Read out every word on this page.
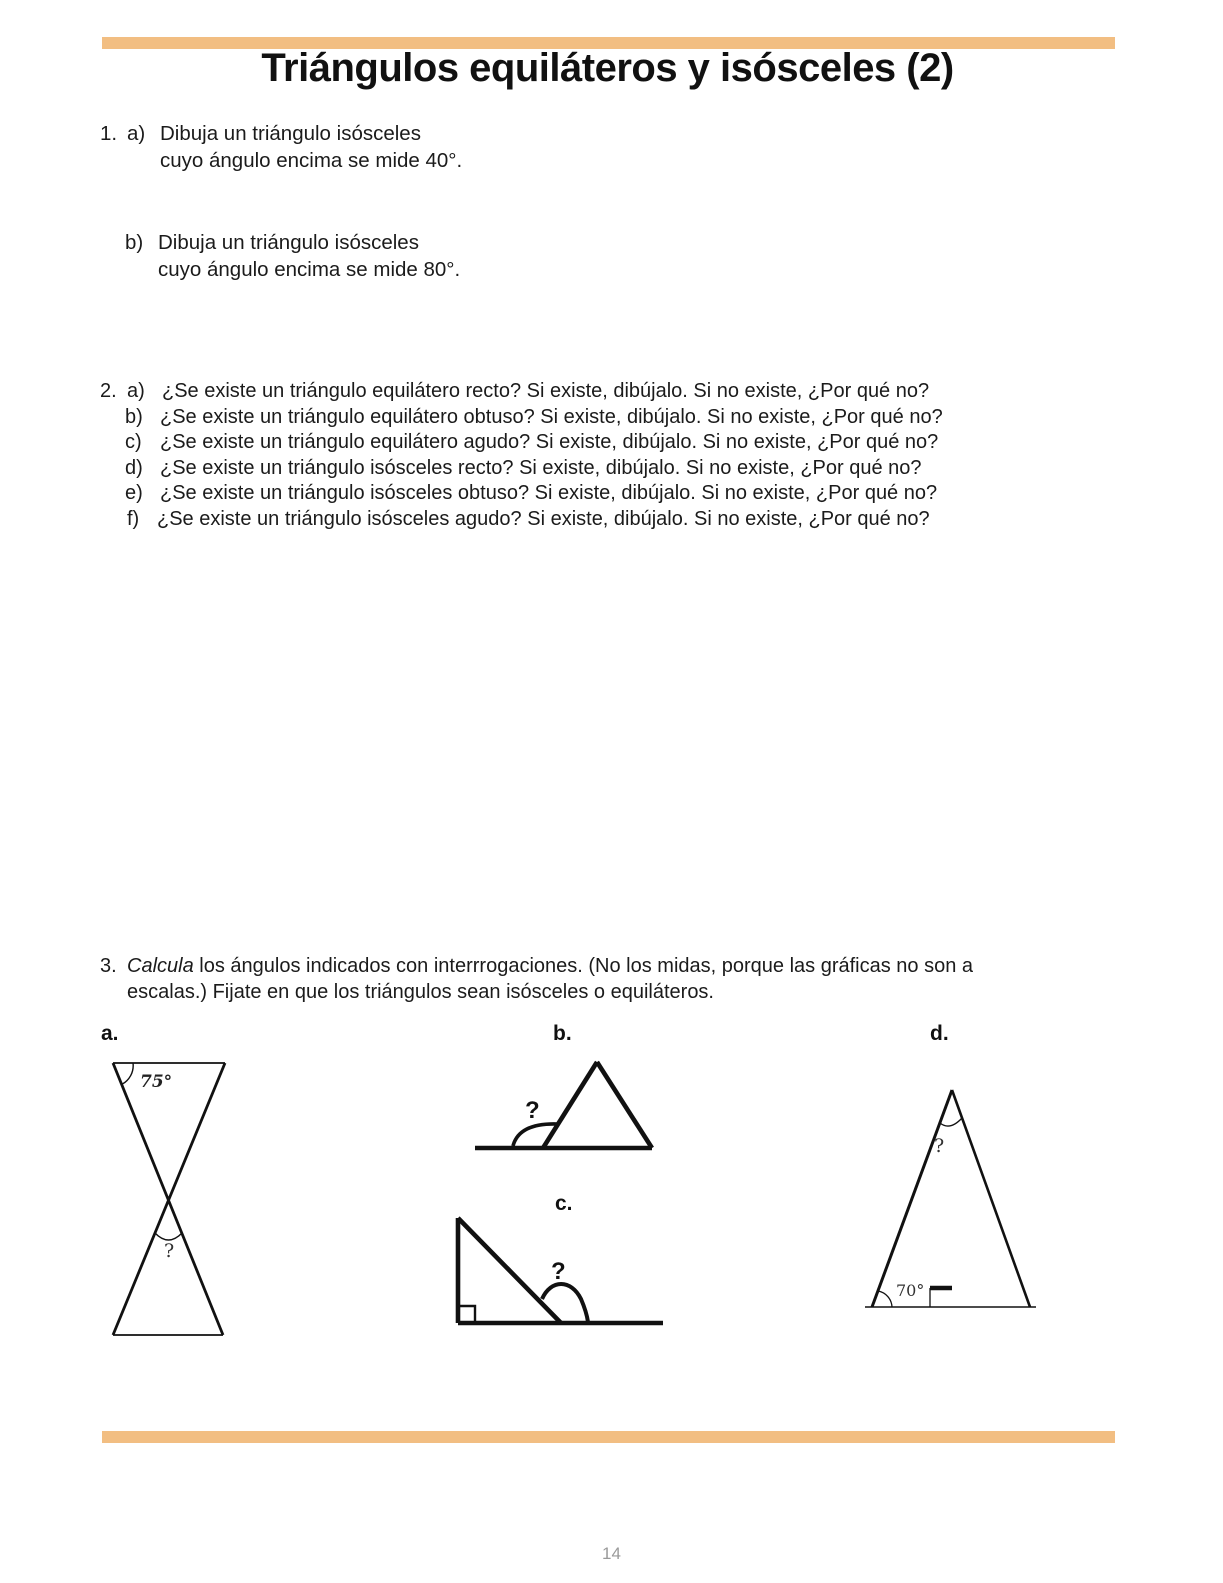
Triángulos equiláteros y isósceles (2)
1. a) Dibuja un triángulo isósceles
cuyo ángulo encima se mide 40°.
b) Dibuja un triángulo isósceles
cuyo ángulo encima se mide 80°.
2. a) ¿Se existe un triángulo equilátero recto? Si existe, dibújalo. Si no existe, ¿Por qué no?
b) ¿Se existe un triángulo equilátero obtuso? Si existe, dibújalo. Si no existe, ¿Por qué no?
c) ¿Se existe un triángulo equilátero agudo? Si existe, dibújalo. Si no existe, ¿Por qué no?
d) ¿Se existe un triángulo isósceles recto? Si existe, dibújalo. Si no existe, ¿Por qué no?
e) ¿Se existe un triángulo isósceles obtuso? Si existe, dibújalo. Si no existe, ¿Por qué no?
f) ¿Se existe un triángulo isósceles agudo? Si existe, dibújalo. Si no existe, ¿Por qué no?
3. Calcula los ángulos indicados con interrrogaciones. (No los midas, porque las gráficas no son a
escalas.) Fijate en que los triángulos sean isósceles o equiláteros.
a.	b.
c.
d.
75°
?
?
?
?
70°
14
